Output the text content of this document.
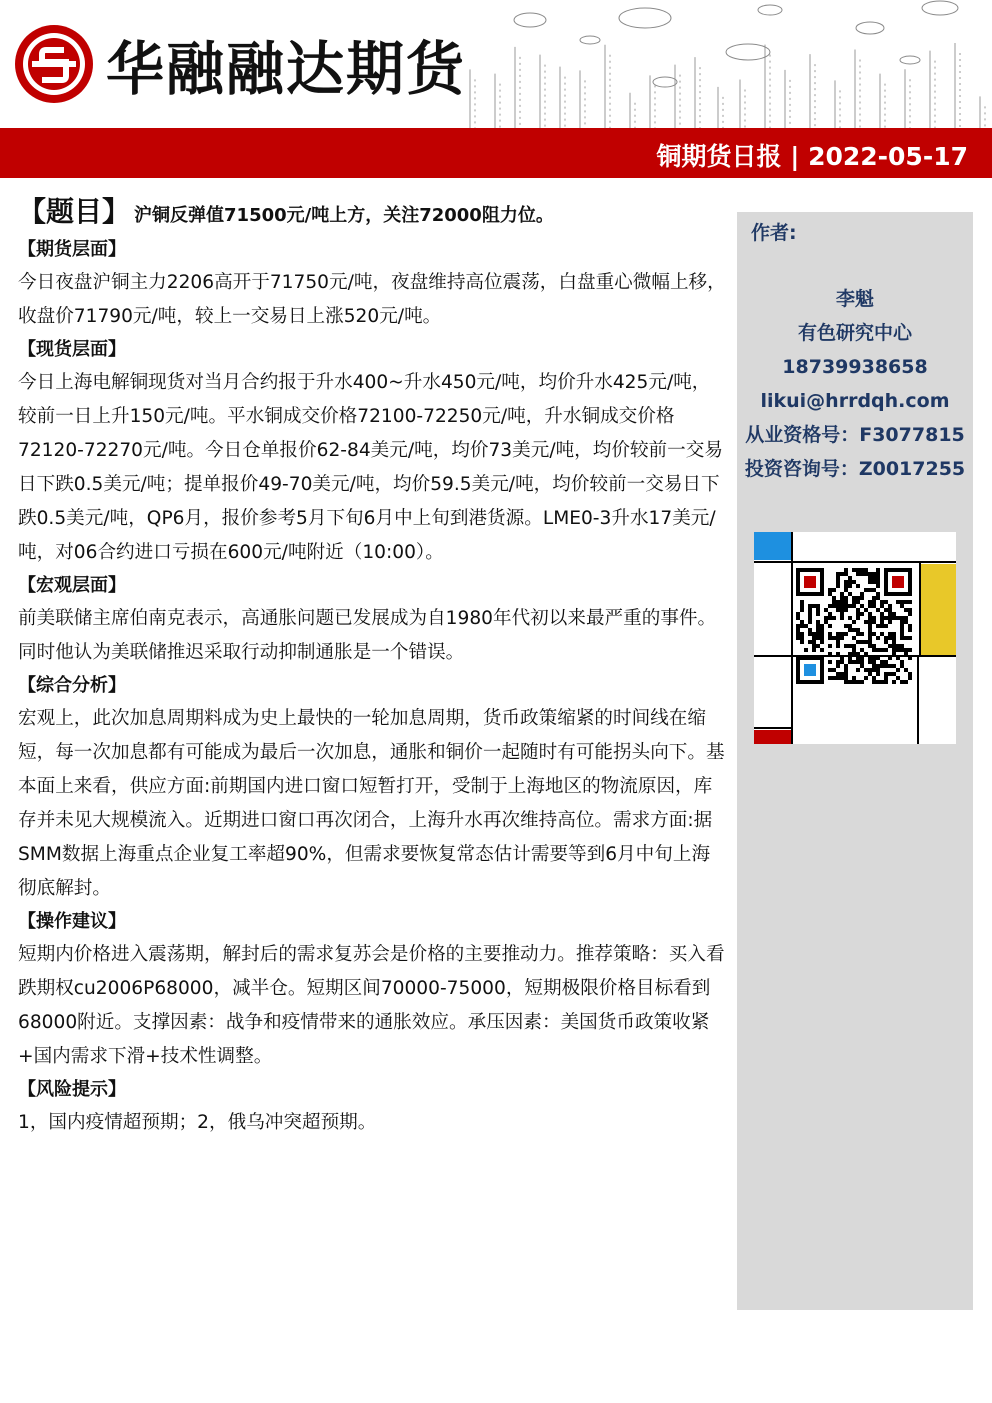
华融融达期货
铜期货日报 | 2022-05-17
【题目】 沪铜反弹值71500元/吨上方，关注72000阻力位。

【期货层面】

今日夜盘沪铜主力2206高开于71750元/吨，夜盘维持高位震荡，白盘重心微幅上移，收盘价71790元/吨，较上一交易日上涨520元/吨。

【现货层面】

今日上海电解铜现货对当月合约报于升水400~升水450元/吨，均价升水425元/吨，较前一日上升150元/吨。平水铜成交价格72100-72250元/吨，升水铜成交价格72120-72270元/吨。今日仓单报价62-84美元/吨，均价73美元/吨，均价较前一交易日下跌0.5美元/吨；提单报价49-70美元/吨，均价59.5美元/吨，均价较前一交易日下跌0.5美元/吨，QP6月，报价参考5月下旬6月中上旬到港货源。LME0-3升水17美元/吨，对06合约进口亏损在600元/吨附近（10:00）。

【宏观层面】

前美联储主席伯南克表示，高通胀问题已发展成为自1980年代初以来最严重的事件。同时他认为美联储推迟采取行动抑制通胀是一个错误。

【综合分析】

宏观上，此次加息周期料成为史上最快的一轮加息周期，货币政策缩紧的时间线在缩短，每一次加息都有可能成为最后一次加息，通胀和铜价一起随时有可能拐头向下。基本面上来看，供应方面:前期国内进口窗口短暂打开，受制于上海地区的物流原因，库存并未见大规模流入。近期进口窗口再次闭合，上海升水再次维持高位。需求方面:据SMM数据上海重点企业复工率超90%，但需求要恢复常态估计需要等到6月中旬上海彻底解封。

【操作建议】

短期内价格进入震荡期，解封后的需求复苏会是价格的主要推动力。推荐策略：买入看跌期权cu2006P68000，减半仓。短期区间70000-75000，短期极限价格目标看到68000附近。支撑因素：战争和疫情带来的通胀效应。承压因素：美国货币政策收紧+国内需求下滑+技术性调整。

【风险提示】

1，国内疫情超预期；2，俄乌冲突超预期。

作者:
李魁
有色研究中心
18739938658
likui@hrrdqh.com
从业资格号：F3077815
投资咨询号：Z0017255
